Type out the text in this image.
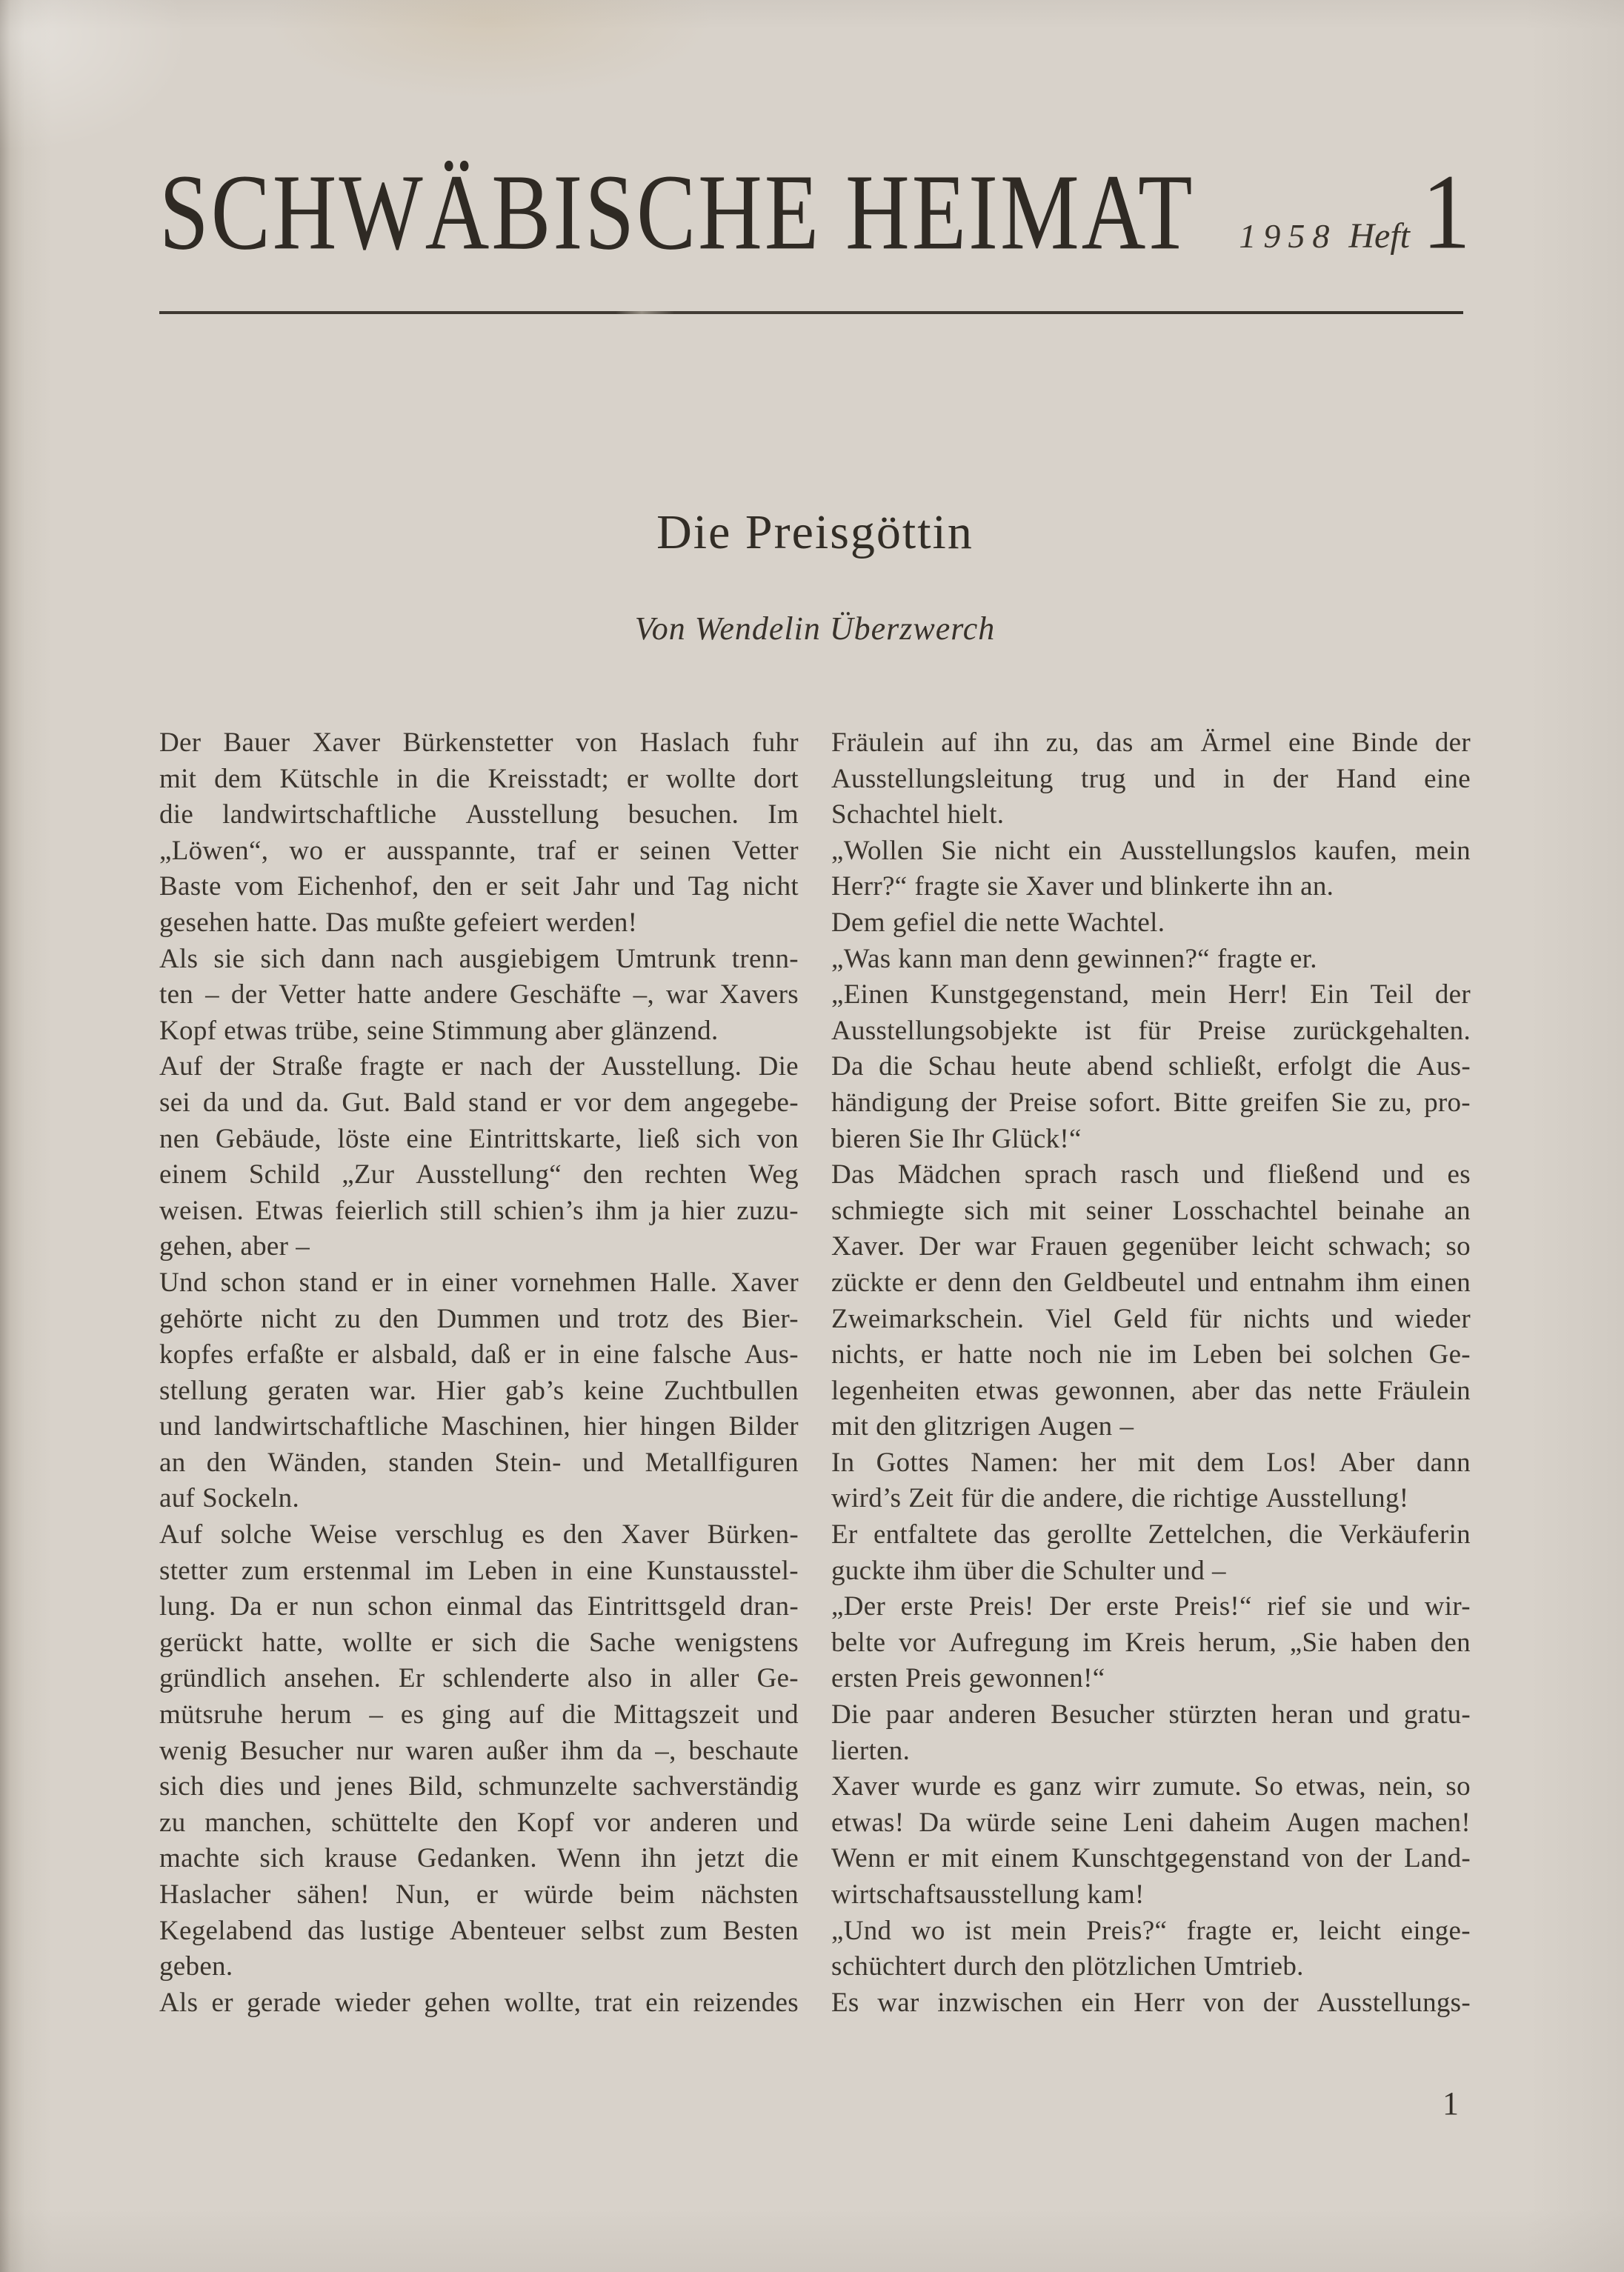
SCHWÄBISCHE HEIMAT 1958 Heft 1
Die Preisgöttin
Von Wendelin Überzwerch
Der Bauer Xaver Bürkenstetter von Haslach fuhr
mit dem Kütschle in die Kreisstadt; er wollte dort
die landwirtschaftliche Ausstellung besuchen. Im
„Löwen“, wo er ausspannte, traf er seinen Vetter
Baste vom Eichenhof, den er seit Jahr und Tag nicht
gesehen hatte. Das mußte gefeiert werden!
Als sie sich dann nach ausgiebigem Umtrunk trenn-
ten – der Vetter hatte andere Geschäfte –, war Xavers
Kopf etwas trübe, seine Stimmung aber glänzend.
Auf der Straße fragte er nach der Ausstellung. Die
sei da und da. Gut. Bald stand er vor dem angegebe-
nen Gebäude, löste eine Eintrittskarte, ließ sich von
einem Schild „Zur Ausstellung“ den rechten Weg
weisen. Etwas feierlich still schien’s ihm ja hier zuzu-
gehen, aber –
Und schon stand er in einer vornehmen Halle. Xaver
gehörte nicht zu den Dummen und trotz des Bier-
kopfes erfaßte er alsbald, daß er in eine falsche Aus-
stellung geraten war. Hier gab’s keine Zuchtbullen
und landwirtschaftliche Maschinen, hier hingen Bilder
an den Wänden, standen Stein- und Metallfiguren
auf Sockeln.
Auf solche Weise verschlug es den Xaver Bürken-
stetter zum erstenmal im Leben in eine Kunstausstel-
lung. Da er nun schon einmal das Eintrittsgeld dran-
gerückt hatte, wollte er sich die Sache wenigstens
gründlich ansehen. Er schlenderte also in aller Ge-
mütsruhe herum – es ging auf die Mittagszeit und
wenig Besucher nur waren außer ihm da –, beschaute
sich dies und jenes Bild, schmunzelte sachverständig
zu manchen, schüttelte den Kopf vor anderen und
machte sich krause Gedanken. Wenn ihn jetzt die
Haslacher sähen! Nun, er würde beim nächsten
Kegelabend das lustige Abenteuer selbst zum Besten
geben.
Als er gerade wieder gehen wollte, trat ein reizendes
Fräulein auf ihn zu, das am Ärmel eine Binde der
Ausstellungsleitung trug und in der Hand eine
Schachtel hielt.
„Wollen Sie nicht ein Ausstellungslos kaufen, mein
Herr?“ fragte sie Xaver und blinkerte ihn an.
Dem gefiel die nette Wachtel.
„Was kann man denn gewinnen?“ fragte er.
„Einen Kunstgegenstand, mein Herr! Ein Teil der
Ausstellungsobjekte ist für Preise zurückgehalten.
Da die Schau heute abend schließt, erfolgt die Aus-
händigung der Preise sofort. Bitte greifen Sie zu, pro-
bieren Sie Ihr Glück!“
Das Mädchen sprach rasch und fließend und es
schmiegte sich mit seiner Losschachtel beinahe an
Xaver. Der war Frauen gegenüber leicht schwach; so
zückte er denn den Geldbeutel und entnahm ihm einen
Zweimarkschein. Viel Geld für nichts und wieder
nichts, er hatte noch nie im Leben bei solchen Ge-
legenheiten etwas gewonnen, aber das nette Fräulein
mit den glitzrigen Augen –
In Gottes Namen: her mit dem Los! Aber dann
wird’s Zeit für die andere, die richtige Ausstellung!
Er entfaltete das gerollte Zettelchen, die Verkäuferin
guckte ihm über die Schulter und –
„Der erste Preis! Der erste Preis!“ rief sie und wir-
belte vor Aufregung im Kreis herum, „Sie haben den
ersten Preis gewonnen!“
Die paar anderen Besucher stürzten heran und gratu-
lierten.
Xaver wurde es ganz wirr zumute. So etwas, nein, so
etwas! Da würde seine Leni daheim Augen machen!
Wenn er mit einem Kunschtgegenstand von der Land-
wirtschaftsausstellung kam!
„Und wo ist mein Preis?“ fragte er, leicht einge-
schüchtert durch den plötzlichen Umtrieb.
Es war inzwischen ein Herr von der Ausstellungs-
1
